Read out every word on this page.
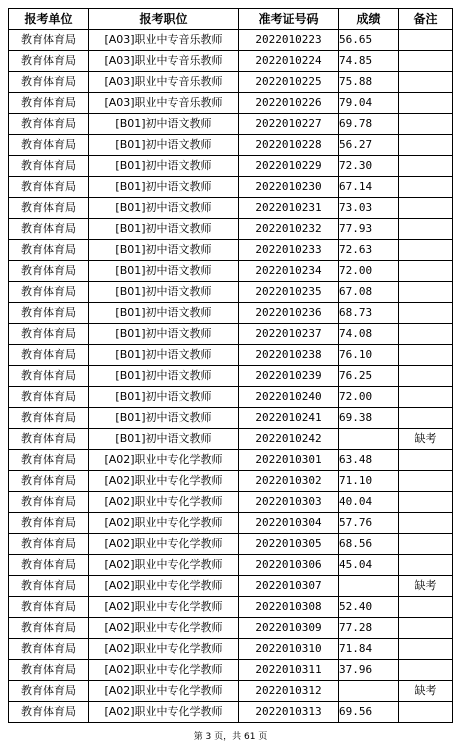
报考单位	报考职位	准考证号码	成绩	备注
教育体育局	[A03]职业中专音乐教师	2022010223	56.65	
教育体育局	[A03]职业中专音乐教师	2022010224	74.85	
教育体育局	[A03]职业中专音乐教师	2022010225	75.88	
教育体育局	[A03]职业中专音乐教师	2022010226	79.04	
教育体育局	[B01]初中语文教师	2022010227	69.78	
教育体育局	[B01]初中语文教师	2022010228	56.27	
教育体育局	[B01]初中语文教师	2022010229	72.30	
教育体育局	[B01]初中语文教师	2022010230	67.14	
教育体育局	[B01]初中语文教师	2022010231	73.03	
教育体育局	[B01]初中语文教师	2022010232	77.93	
教育体育局	[B01]初中语文教师	2022010233	72.63	
教育体育局	[B01]初中语文教师	2022010234	72.00	
教育体育局	[B01]初中语文教师	2022010235	67.08	
教育体育局	[B01]初中语文教师	2022010236	68.73	
教育体育局	[B01]初中语文教师	2022010237	74.08	
教育体育局	[B01]初中语文教师	2022010238	76.10	
教育体育局	[B01]初中语文教师	2022010239	76.25	
教育体育局	[B01]初中语文教师	2022010240	72.00	
教育体育局	[B01]初中语文教师	2022010241	69.38	
教育体育局	[B01]初中语文教师	2022010242		缺考
教育体育局	[A02]职业中专化学教师	2022010301	63.48	
教育体育局	[A02]职业中专化学教师	2022010302	71.10	
教育体育局	[A02]职业中专化学教师	2022010303	40.04	
教育体育局	[A02]职业中专化学教师	2022010304	57.76	
教育体育局	[A02]职业中专化学教师	2022010305	68.56	
教育体育局	[A02]职业中专化学教师	2022010306	45.04	
教育体育局	[A02]职业中专化学教师	2022010307		缺考
教育体育局	[A02]职业中专化学教师	2022010308	52.40	
教育体育局	[A02]职业中专化学教师	2022010309	77.28	
教育体育局	[A02]职业中专化学教师	2022010310	71.84	
教育体育局	[A02]职业中专化学教师	2022010311	37.96	
教育体育局	[A02]职业中专化学教师	2022010312		缺考
教育体育局	[A02]职业中专化学教师	2022010313	69.56	
第 3 页，共 61 页
